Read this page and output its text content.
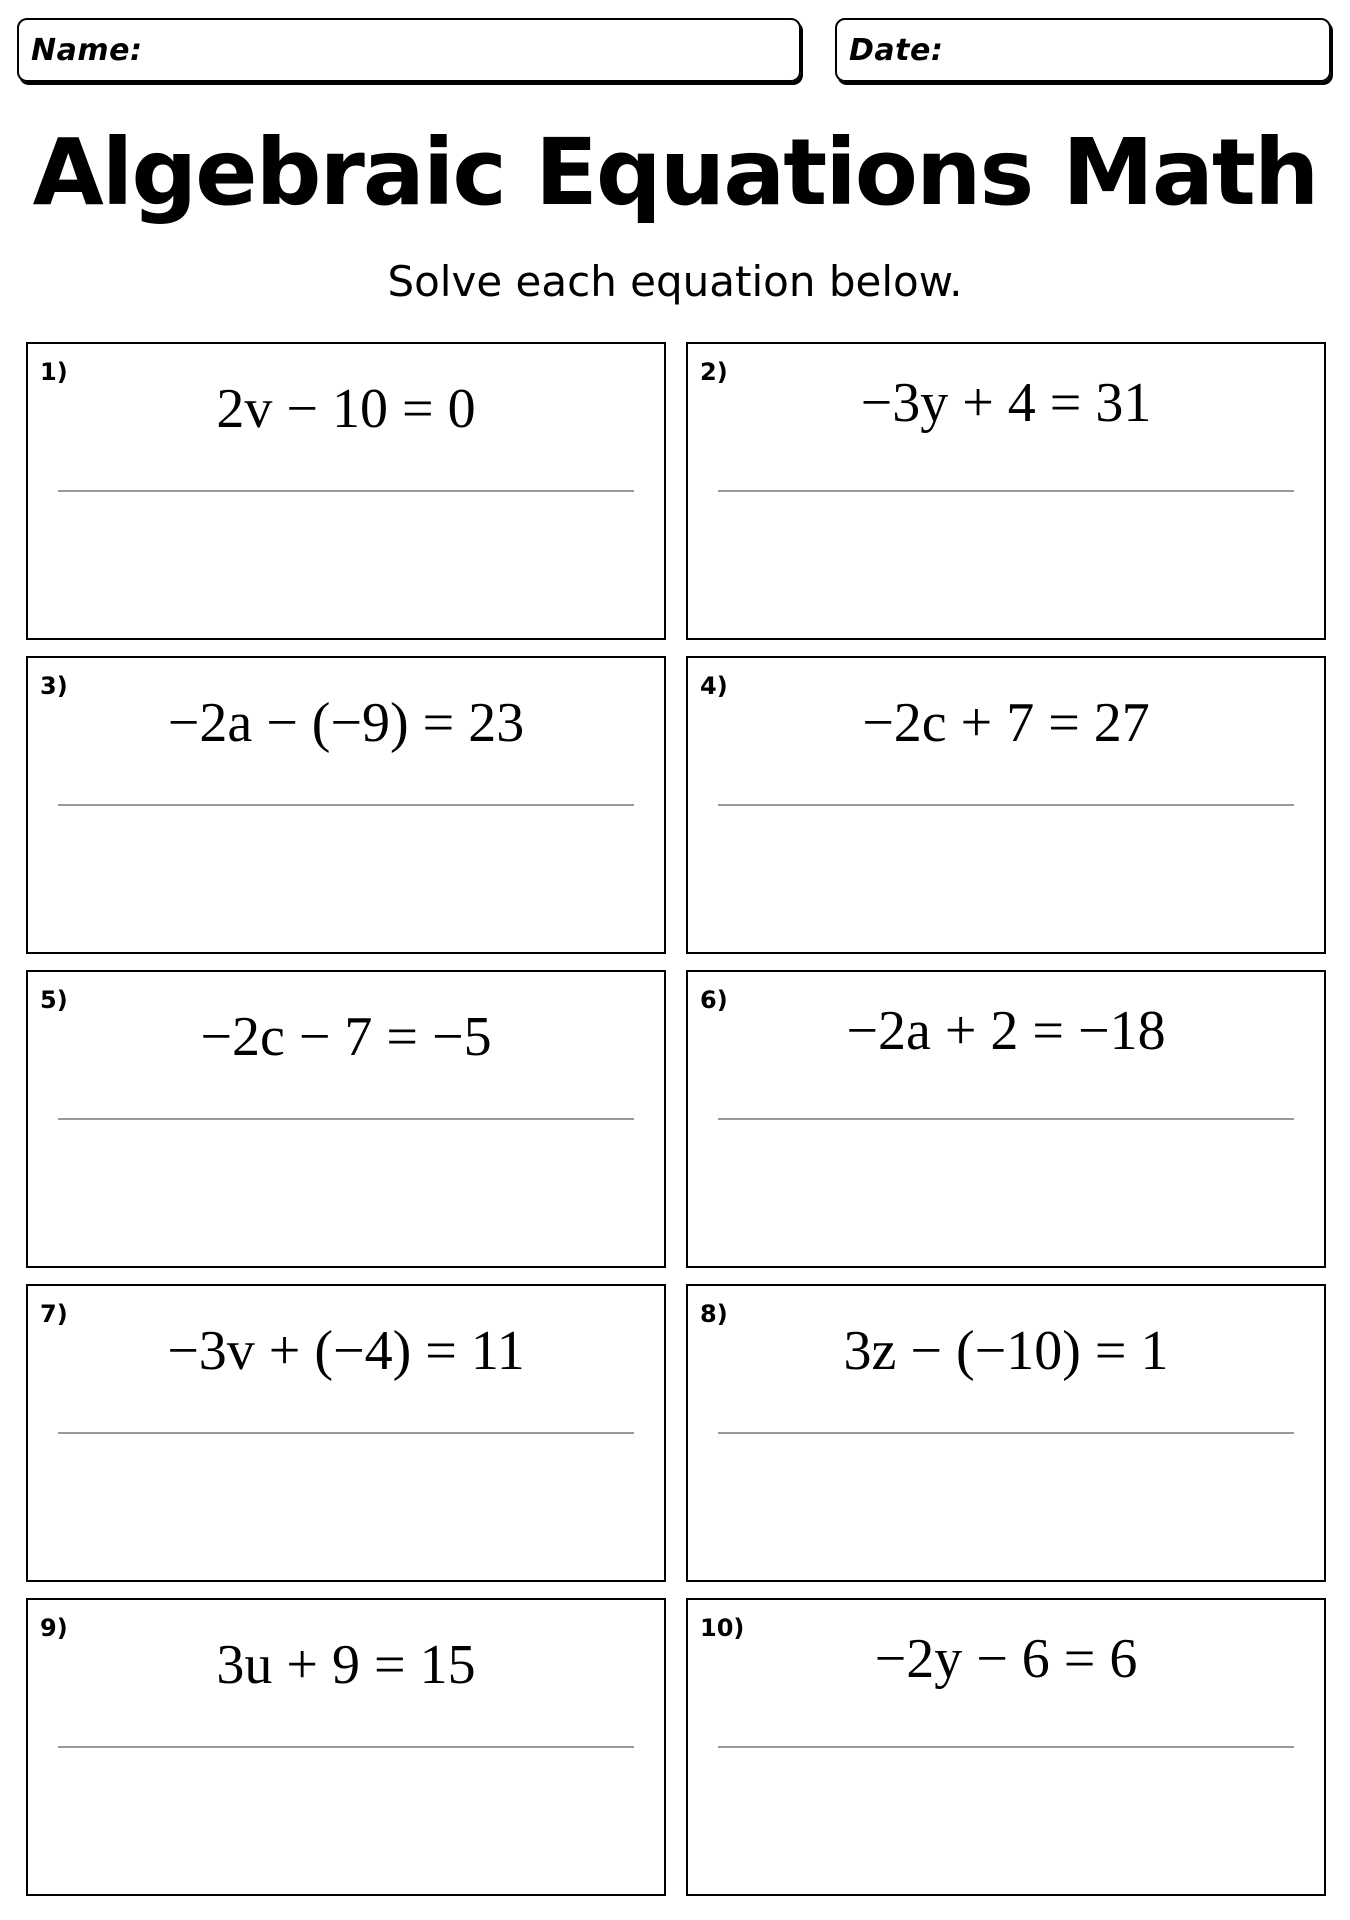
Name:	Date:
Algebraic Equations Math
Solve each equation below.
1)
2v − 10 = 0
2)	−3y + 4 = 31
3)
−2a − (−9) = 23
4)
−2c + 7 = 27
5)
−2c − 7 = −5
6)	−2a + 2 = −18
7)
−3v + (−4) = 11
8)
3z − (−10) = 1
9)
3u + 9 = 15
10)	−2y − 6 = 6
